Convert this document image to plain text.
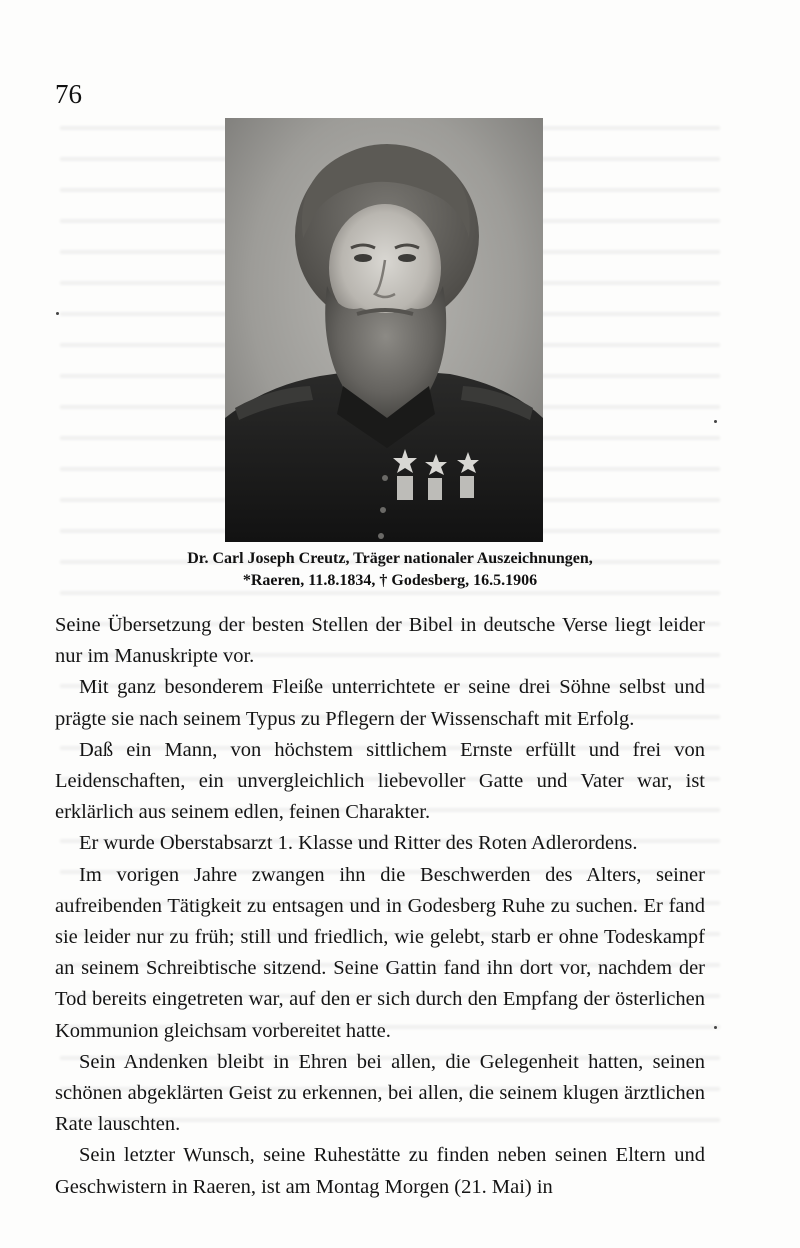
76
Dr. Carl Joseph Creutz, Träger nationaler Auszeichnungen,
*Raeren, 11.8.1834, † Godesberg, 16.5.1906

Seine Übersetzung der besten Stellen der Bibel in deutsche Verse liegt leider nur im Manuskripte vor.

Mit ganz besonderem Fleiße unterrichtete er seine drei Söhne selbst und prägte sie nach seinem Typus zu Pflegern der Wissenschaft mit Erfolg.

Daß ein Mann, von höchstem sittlichem Ernste erfüllt und frei von Leidenschaften, ein unvergleichlich liebevoller Gatte und Vater war, ist erklärlich aus seinem edlen, feinen Charakter.

Er wurde Oberstabsarzt 1. Klasse und Ritter des Roten Adlerordens.

Im vorigen Jahre zwangen ihn die Beschwerden des Alters, seiner aufreibenden Tätigkeit zu entsagen und in Godesberg Ruhe zu suchen. Er fand sie leider nur zu früh; still und friedlich, wie gelebt, starb er ohne Todeskampf an seinem Schreibtische sitzend. Seine Gattin fand ihn dort vor, nachdem der Tod bereits eingetreten war, auf den er sich durch den Empfang der österlichen Kommunion gleichsam vorbereitet hatte.

Sein Andenken bleibt in Ehren bei allen, die Gelegenheit hatten, seinen schönen abgeklärten Geist zu erkennen, bei allen, die seinem klugen ärztlichen Rate lauschten.

Sein letzter Wunsch, seine Ruhestätte zu finden neben seinen Eltern und Geschwistern in Raeren, ist am Montag Morgen (21. Mai) in
